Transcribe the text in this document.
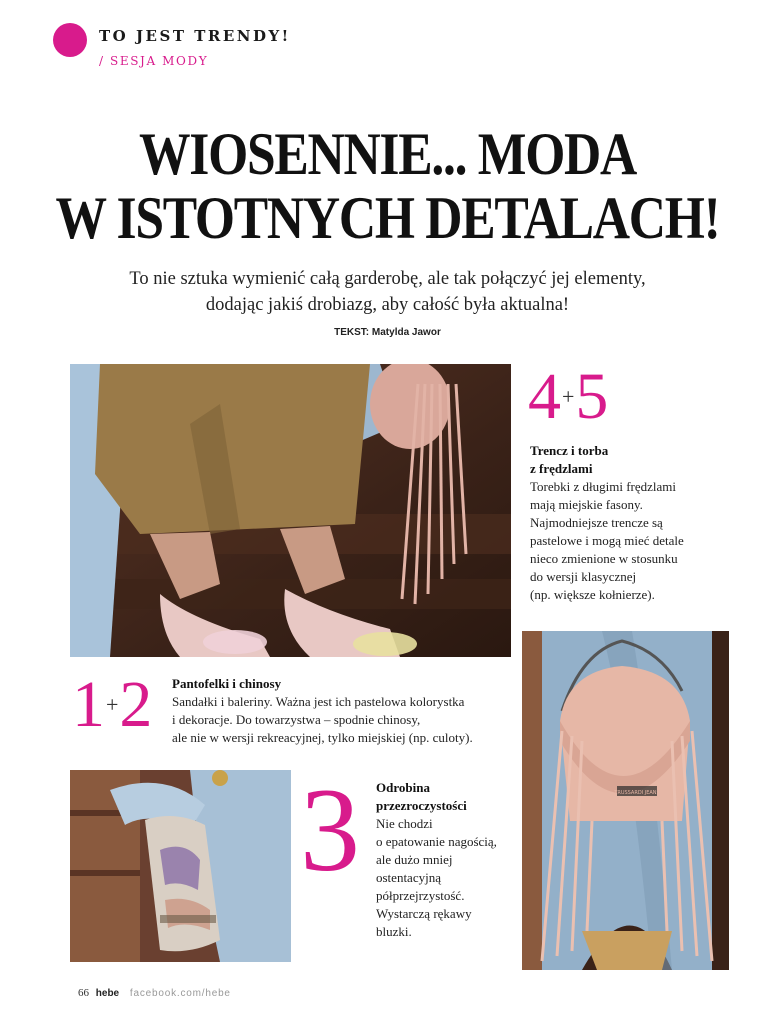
TO JEST TRENDY!
/ SESJA MODY
WIOSENNIE... MODA
W ISTOTNYCH DETALACH!

To nie sztuka wymienić całą garderobę, ale tak połączyć jej elementy,
dodając jakiś drobiazg, aby całość była aktualna!

TEKST: Matylda Jawor
4+5
Trencz i torba
z frędzlami
Torebki z długimi frędzlami
mają miejskie fasony.
Najmodniejsze trencze są
pastelowe i mogą mieć detale
nieco zmienione w stosunku
do wersji klasycznej
(np. większe kołnierze).
1+2 Pantofelki i chinosy
Sandałki i baleriny. Ważna jest ich pastelowa kolorystka
i dekoracje. Do towarzystwa – spodnie chinosy,
ale nie w wersji rekreacyjnej, tylko miejskiej (np. culoty).
3 Odrobina
przezroczystości
Nie chodzi
o epatowanie nagością,
ale dużo mniej
ostentacyjną
półprzejrzystość.
Wystarczą rękawy
bluzki.
TRUSSARDI JEANS
66 hebe facebook.com/hebe
